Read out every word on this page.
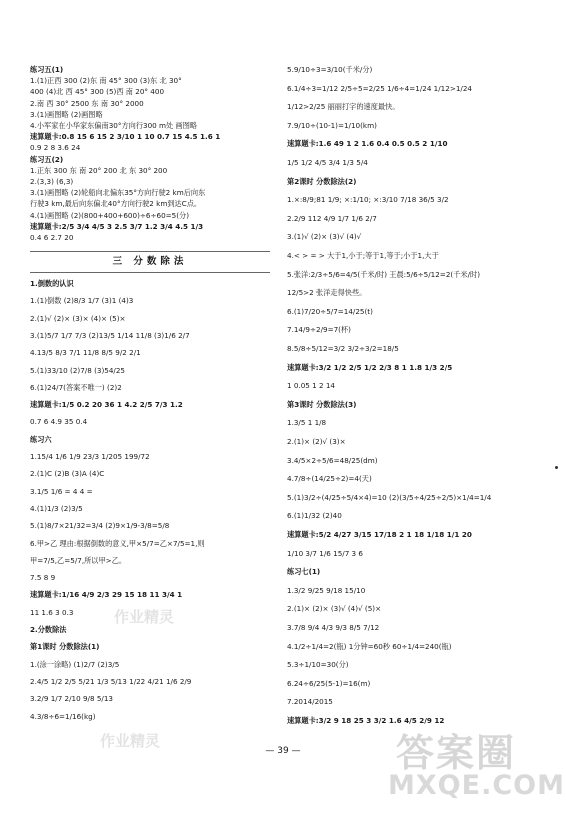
练习五(1)
1.(1)正西 300 (2)东 南 45° 300 (3)东 北 30°
400 (4)北 西 45° 300 (5)西 南 20° 400
2.南 西 30° 2500 东 南 30° 2000
3.(1)画图略 (2)画图略
4.小军家在小华家东偏南30°方向行300 m处 画图略
速算题卡:0.8 15 6 15 2 3/10 1 10 0.7 15 4.5 1.6 1
0.9 2 8 3.6 24
练习五(2)
1.正东 300 东 南 20° 200 北 东 30° 200
2.(3,3) (6,3)
3.(1)画图略 (2)轮船向北偏东35°方向行驶2 km后向东
行驶3 km,最后向东偏北40°方向行驶2 km到达C点。
4.(1)画图略 (2)(800+400+600)÷6÷60=5(分)
速算题卡:2/5 3/4 4/5 3 2.5 3/7 1.2 3/4 4.5 1/3
0.4 6 2.7 20
三 分数除法
1.倒数的认识
1.(1)倒数 (2)8/3 1/7 (3)1 (4)3
2.(1)√ (2)× (3)× (4)× (5)×
3.(1)5/7 1/7 7/3 (2)13/5 1/14 11/8 (3)1/6 2/7
4.13/5 8/3 7/1 11/8 8/5 9/2 2/1
5.(1)33/10 (2)7/8 (3)54/25
6.(1)24/7(答案不唯一) (2)2
速算题卡:1/5 0.2 20 36 1 4.2 2/5 7/3 1.2
0.7 6 4.9 35 0.4
练习六
1.15/4 1/6 1/9 23/3 1/205 199/72
2.(1)C (2)B (3)A (4)C
3.1/5 1/6 = 4 4 =
4.(1)1/3 (2)3/5
5.(1)8/7×21/32=3/4 (2)9×1/9-3/8=5/8
6.甲>乙 理由:根据倒数的意义,甲×5/7=乙×7/5=1,则
甲=7/5,乙=5/7,所以甲>乙。
7.5 8 9
速算题卡:1/16 4/9 2/3 29 15 18 11 3/4 1
11 1.6 3 0.3
2.分数除法
第1课时 分数除法(1)
1.(涂一涂略) (1)2/7 (2)3/5
2.4/5 1/2 2/5 5/21 1/3 5/13 1/22 4/21 1/6 2/9
3.2/9 1/7 2/10 9/8 5/13
4.3/8÷6=1/16(kg)
5.9/10÷3=3/10(千米/分)
6.1/4÷3=1/12 2/5÷5=2/25 1/6÷4=1/24 1/12>1/24
1/12>2/25 丽丽打字的速度最快。
7.9/10÷(10-1)=1/10(km)
速算题卡:1.6 49 1 2 1.6 0.4 0.5 0.5 2 1/10
1/5 1/2 4/5 3/4 1/3 5/4
第2课时 分数除法(2)
1.×:8/9;81 1/9; ×:1/10; ×:3/10 7/18 36/5 3/2
2.2/9 112 4/9 1/7 1/6 2/7
3.(1)√ (2)× (3)√ (4)√
4.< > = > 大于1,小于;等于1,等于;小于1,大于
5.张洋:2/3÷5/6=4/5(千米/时) 王晨:5/6÷5/12=2(千米/时)
12/5>2 张洋走得快些。
6.(1)7/20÷5/7=14/25(t)
7.14/9÷2/9=7(杯)
8.5/8÷5/12=3/2 3/2÷3/2=18/5
速算题卡:3/2 1/2 2/5 1/2 2/3 8 1 1.8 1/3 2/5
1 0.05 1 2 14
第3课时 分数除法(3)
1.3/5 1 1/8
2.(1)× (2)√ (3)×
3.4/5×2÷5/6=48/25(dm)
4.7/8÷(14/25÷2)=4(天)
5.(1)3/2÷(4/25÷5/4×4)=10 (2)(3/5÷4/25÷2/5)×1/4=1/4
6.(1)1/32 (2)40
速算题卡:5/2 4/27 3/15 17/18 2 1 18 1/18 1/1 20
1/10 3/7 1/6 15/7 3 6
练习七(1)
1.3/2 9/25 9/18 15/10
2.(1)× (2)× (3)√ (4)√ (5)×
3.7/8 9/4 4/3 9/3 8/5 7/12
4.1/2÷1/4=2(瓶) 1分钟=60秒 60÷1/4=240(瓶)
5.3÷1/10=30(分)
6.24÷6/25(5-1)=16(m)
7.2014/2015
速算题卡:3/2 9 18 25 3 3/2 1.6 4/5 2/9 12
— 39 —
作业精灵
作业精灵	答案圈
MXQE.COM
